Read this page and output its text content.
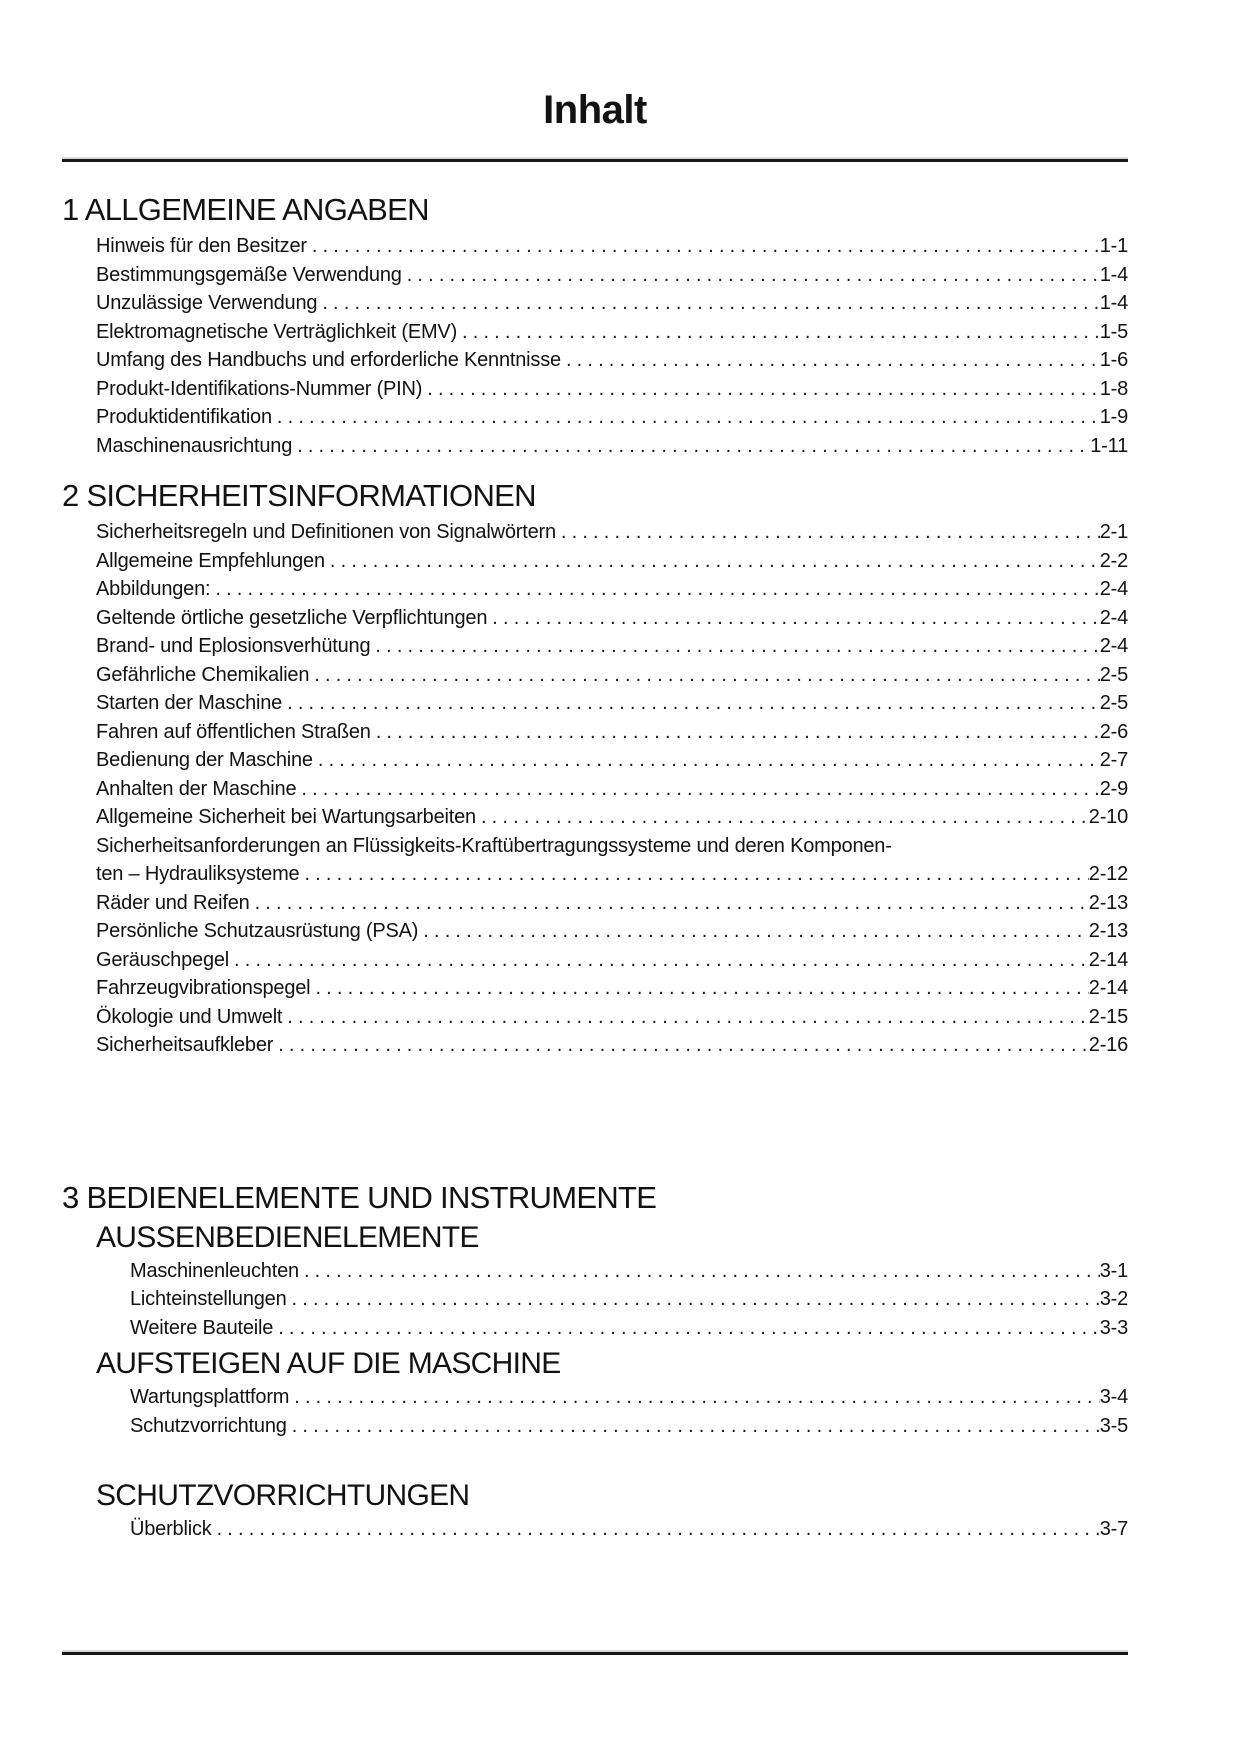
Inhalt
1 ALLGEMEINE ANGABEN
Hinweis für den Besitzer . . .	1-1
Bestimmungsgemäße Verwendung . . .	1-4
Unzulässige Verwendung . . .	1-4
Elektromagnetische Verträglichkeit (EMV) . . .	1-5
Umfang des Handbuchs und erforderliche Kenntnisse . . .	1-6
Produkt-Identifikations-Nummer (PIN) . . .	1-8
Produktidentifikation . . .	1-9
Maschinenausrichtung . . .	1-11
2 SICHERHEITSINFORMATIONEN
Sicherheitsregeln und Definitionen von Signalwörtern . . .	2-1
Allgemeine Empfehlungen . . .	2-2
Abbildungen: . . .	2-4
Geltende örtliche gesetzliche Verpflichtungen . . .	2-4
Brand- und Eplosionsverhütung . . .	2-4
Gefährliche Chemikalien . . .	2-5
Starten der Maschine . . .	2-5
Fahren auf öffentlichen Straßen . . .	2-6
Bedienung der Maschine . . .	2-7
Anhalten der Maschine . . .	2-9
Allgemeine Sicherheit bei Wartungsarbeiten . . .	2-10
Sicherheitsanforderungen an Flüssigkeits-Kraftübertragungssysteme und deren Komponen-
ten – Hydrauliksysteme . . .	2-12
Räder und Reifen . . .	2-13
Persönliche Schutzausrüstung (PSA) . . .	2-13
Geräuschpegel . . .	2-14
Fahrzeugvibrationspegel . . .	2-14
Ökologie und Umwelt . . .	2-15
Sicherheitsaufkleber . . .	2-16
3 BEDIENELEMENTE UND INSTRUMENTE
AUSSENBEDIENELEMENTE
Maschinenleuchten . . .	3-1
Lichteinstellungen . . .	3-2
Weitere Bauteile . . .	3-3
AUFSTEIGEN AUF DIE MASCHINE
Wartungsplattform . . .	3-4
Schutzvorrichtung . . .	3-5
SCHUTZVORRICHTUNGEN
Überblick . . .	3-7
